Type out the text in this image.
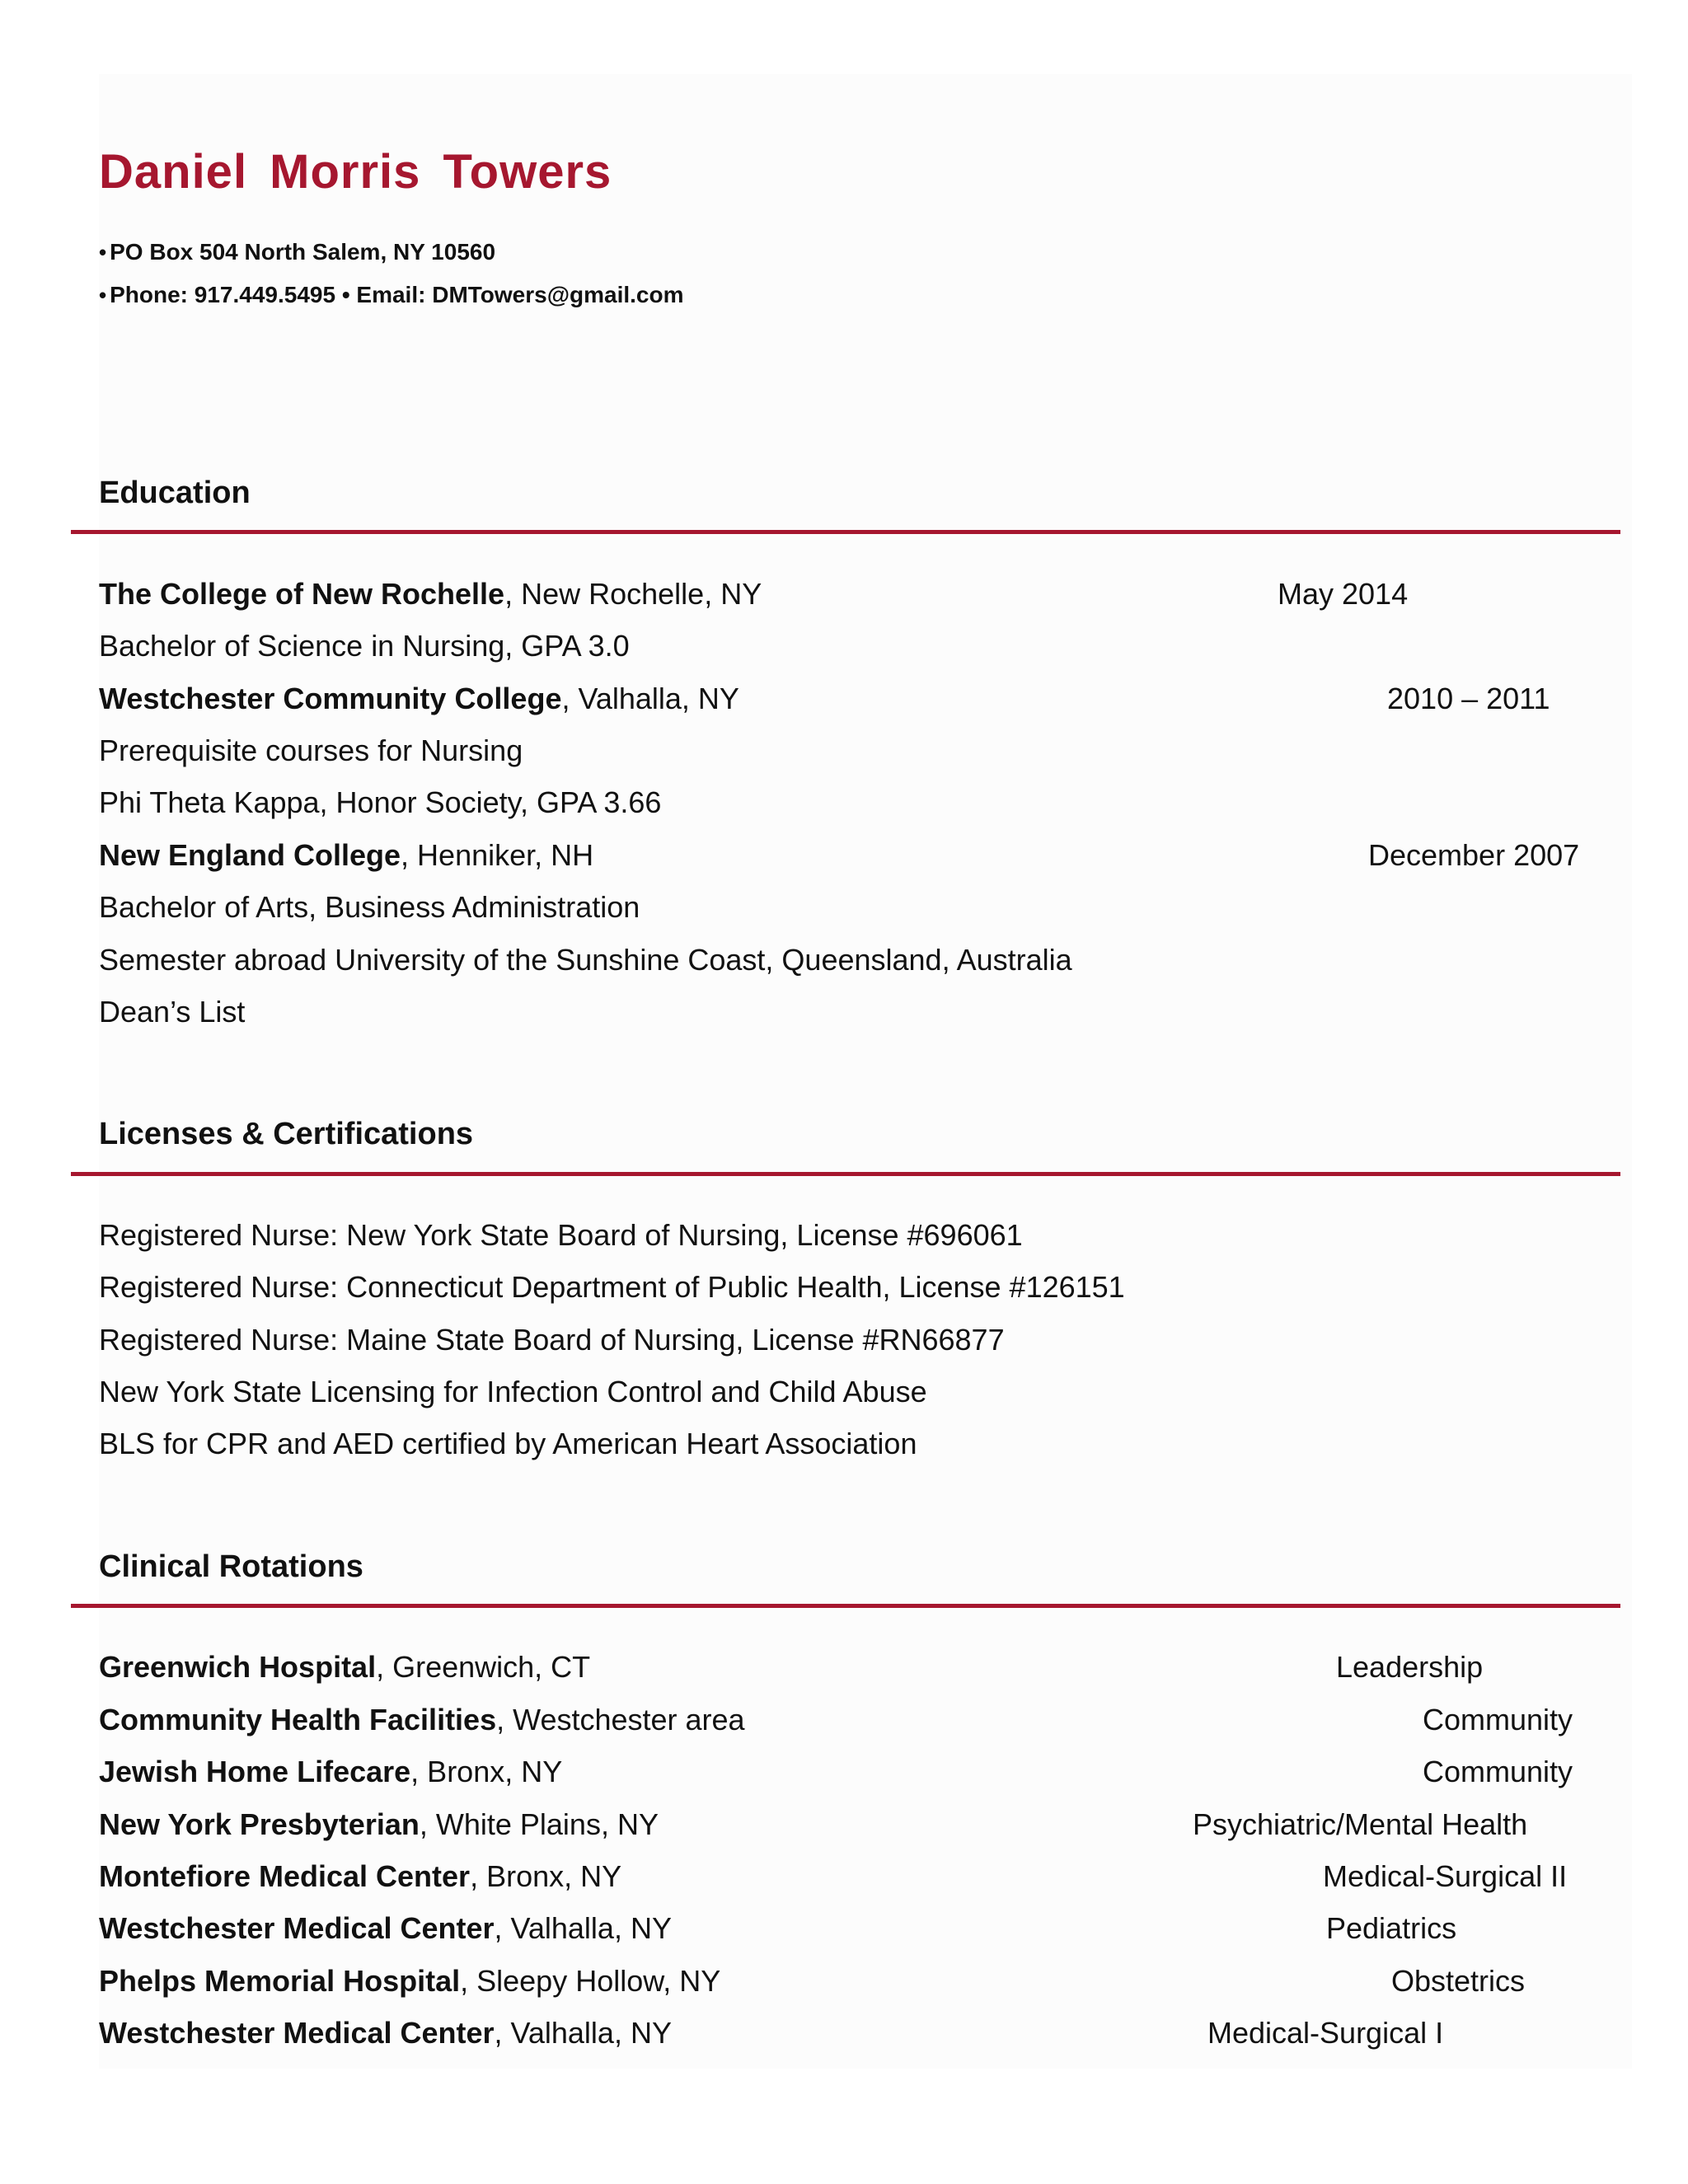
Daniel Morris Towers
• PO Box 504 North Salem, NY 10560
• Phone: 917.449.5495 • Email: DMTowers@gmail.com
Education
The College of New Rochelle, New Rochelle, NY	May 2014
Bachelor of Science in Nursing, GPA 3.0
Westchester Community College, Valhalla, NY	2010 – 2011
Prerequisite courses for Nursing
Phi Theta Kappa, Honor Society, GPA 3.66
New England College, Henniker, NH	December 2007
Bachelor of Arts, Business Administration
Semester abroad University of the Sunshine Coast, Queensland, Australia
Dean’s List
Licenses & Certifications
Registered Nurse: New York State Board of Nursing, License #696061
Registered Nurse: Connecticut Department of Public Health, License #126151
Registered Nurse: Maine State Board of Nursing, License #RN66877
New York State Licensing for Infection Control and Child Abuse
BLS for CPR and AED certified by American Heart Association
Clinical Rotations
Greenwich Hospital, Greenwich, CT	Leadership
Community Health Facilities, Westchester area	Community
Jewish Home Lifecare, Bronx, NY	Community
New York Presbyterian, White Plains, NY	Psychiatric/Mental Health
Montefiore Medical Center, Bronx, NY	Medical-Surgical II
Westchester Medical Center, Valhalla, NY	Pediatrics
Phelps Memorial Hospital, Sleepy Hollow, NY	Obstetrics
Westchester Medical Center, Valhalla, NY	Medical-Surgical I
